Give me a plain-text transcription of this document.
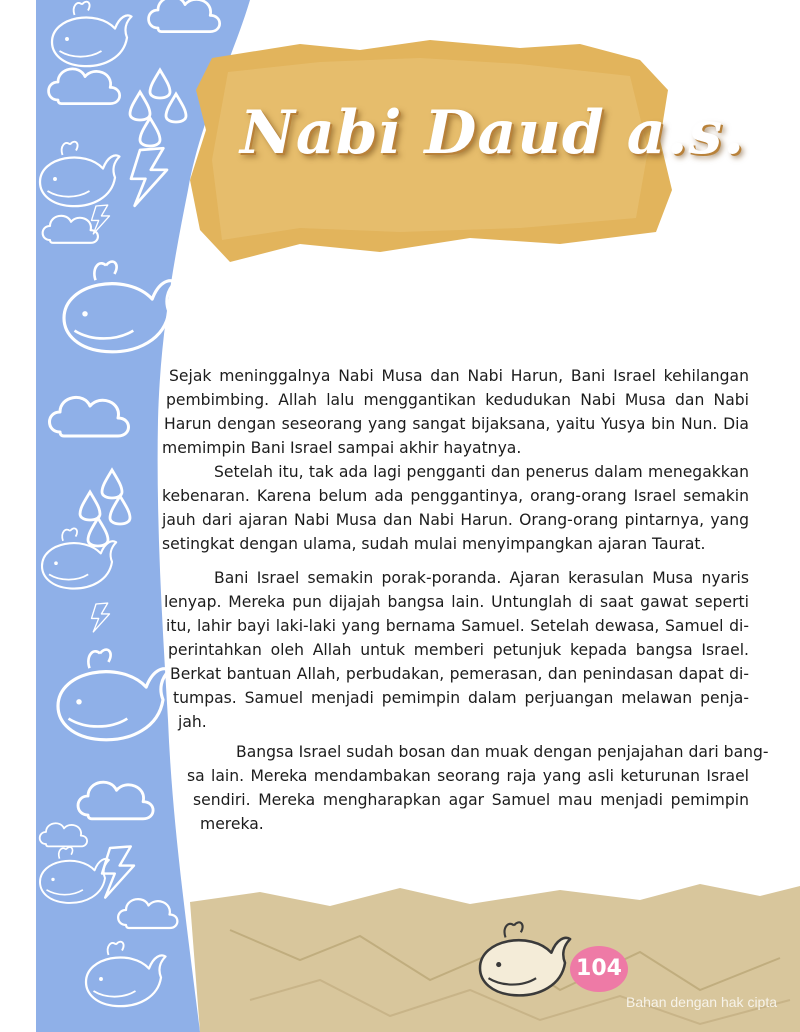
Nabi Daud a.s.
Sejak meninggalnya Nabi Musa dan Nabi Harun, Bani Israel kehilangan
pembimbing. Allah lalu menggantikan kedudukan Nabi Musa dan Nabi
Harun dengan seseorang yang sangat bijaksana, yaitu Yusya bin Nun. Dia
memimpin Bani Israel sampai akhir hayatnya.
Setelah itu, tak ada lagi pengganti dan penerus dalam menegakkan
kebenaran. Karena belum ada penggantinya, orang-orang Israel semakin
jauh dari ajaran Nabi Musa dan Nabi Harun. Orang-orang pintarnya, yang
setingkat dengan ulama, sudah mulai menyimpangkan ajaran Taurat.
Bani Israel semakin porak-poranda. Ajaran kerasulan Musa nyaris
lenyap. Mereka pun dijajah bangsa lain. Untunglah di saat gawat seperti
itu, lahir bayi laki-laki yang bernama Samuel. Setelah dewasa, Samuel di-
perintahkan oleh Allah untuk memberi petunjuk kepada bangsa Israel.
Berkat bantuan Allah, perbudakan, pemerasan, dan penindasan dapat di-
tumpas. Samuel menjadi pemimpin dalam perjuangan melawan penja-
jah.
Bangsa Israel sudah bosan dan muak dengan penjajahan dari bang-
sa lain. Mereka mendambakan seorang raja yang asli keturunan Israel
sendiri. Mereka mengharapkan agar Samuel mau menjadi pemimpin
mereka.
104
Bahan dengan hak cipta
